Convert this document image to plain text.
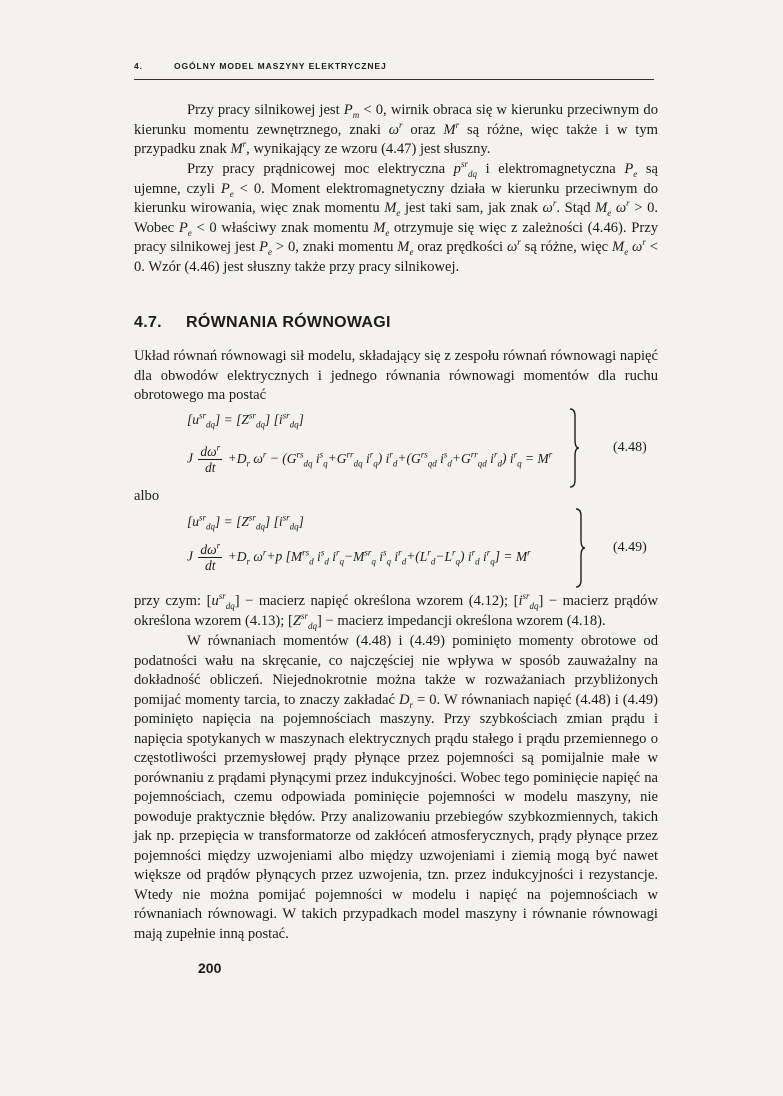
4.	OGÓLNY MODEL MASZYNY ELEKTRYCZNEJ

Przy pracy silnikowej jest $P_m < 0$, wirnik obraca się w kierunku przeciwnym do kierunku momentu zewnętrznego, znaki $\omega^r$ oraz $M^r$ są różne, więc także i w tym przypadku znak $M^r$, wynikający ze wzoru (4.47) jest słuszny.

Przy pracy prądnicowej moc elektryczna $p^{sr}_{dq}$ i elektromagnetyczna $P_e$ są ujemne, czyli $P_e < 0$. Moment elektromagnetyczny działa w kierunku przeciwnym do kierunku wirowania, więc znak momentu $M_e$ jest taki sam, jak znak $\omega^r$. Stąd $M_e$ $\omega^r > 0$. Wobec $P_e < 0$ właściwy znak momentu $M_e$ otrzymuje się więc z zależności (4.46). Przy pracy silnikowej jest $P_e > 0$, znaki momentu $M_e$ oraz prędkości $\omega^r$ są różne, więc $M_e$ $\omega^r < 0$. Wzór (4.46) jest słuszny także przy pracy silnikowej.

4.7. RÓWNANIA RÓWNOWAGI

Układ równań równowagi sił modelu, składający się z zespołu równań równowagi napięć dla obwodów elektrycznych i jednego równania równowagi momentów dla ruchu obrotowego ma postać

$[u^{sr}_{dq}] = [Z^{sr}_{dq}]$ $[i^{sr}_{dq}]$
J $\frac{d\omega^r}{dt} +D_r$ $\omega^r - (G^{rs}_{dq}$ $i^s_q+G^{rr}_{dq}$ $i^r_q$) $i^r_d+(G^{rs}_{qd}$ $i^s_d+G^{rr}_{qd}$ $i^r_d$) $i^r_q = M^r$	(4.48)
albo
$[u^{sr}_{dq}] = [Z^{sr}_{dq}]$ $[i^{sr}_{dq}]$
J $\frac{d\omega^r}{dt} +D_r$ $\omega^r+p$ [$M^{rs}_d$ $i^s_d$ $i^r_q-M^{sr}_q$ $i^s_q$ $i^r_d+(L^r_d-L^r_q)$ $i^r_d$ $i^r_q] = M^r$	(4.49)

przy czym: $[u^{sr}_{dq}]$ − macierz napięć określona wzorem (4.12); $[i^{sr}_{dq}]$ − macierz prądów określona wzorem (4.13); $[Z^{sr}_{dq}]$ − macierz impedancji określona wzorem (4.18).

W równaniach momentów (4.48) i (4.49) pominięto momenty obrotowe od podatności wału na skręcanie, co najczęściej nie wpływa w sposób zauważalny na dokładność obliczeń. Niejednokrotnie można także w rozważaniach przybliżonych pomijać momenty tarcia, to znaczy zakładać $D_r = 0$. W równaniach napięć (4.48) i (4.49) pominięto napięcia na pojemnościach maszyny. Przy szybkościach zmian prądu i napięcia spotykanych w maszynach elektrycznych prądu stałego i prądu przemiennego o częstotliwości przemysłowej prądy płynące przez pojemności są pomijalnie małe w porównaniu z prądami płynącymi przez indukcyjności. Wobec tego pominięcie napięć na pojemnościach, czemu odpowiada pominięcie pojemności w modelu maszyny, nie powoduje praktycznie błędów. Przy analizowaniu przebiegów szybkozmiennych, takich jak np. przepięcia w transformatorze od zakłóceń atmosferycznych, prądy płynące przez pojemności między uzwojeniami albo między uzwojeniami i ziemią mogą być nawet większe od prądów płynących przez uzwojenia, tzn. przez indukcyjności i rezystancje. Wtedy nie można pomijać pojemności w modelu i napięć na pojemnościach w równaniach równowagi. W takich przypadkach model maszyny i równanie równowagi mają zupełnie inną postać.

200
